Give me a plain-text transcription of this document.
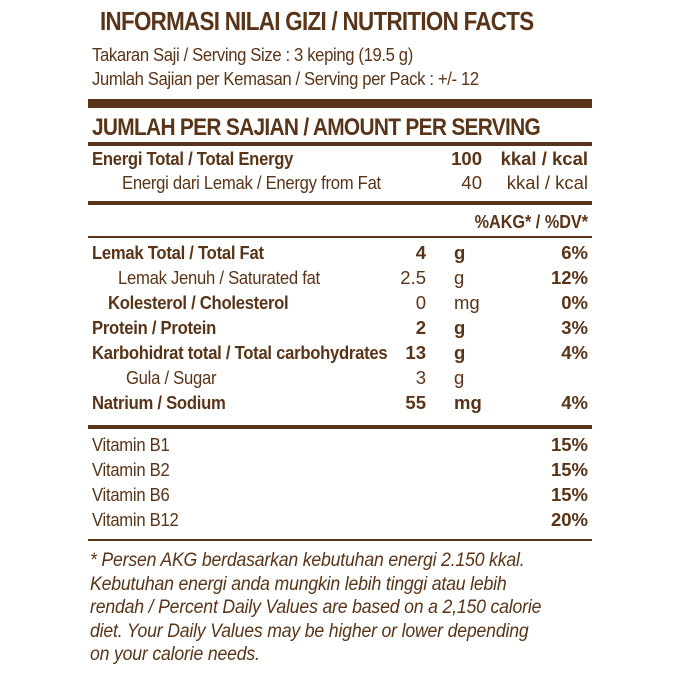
INFORMASI NILAI GIZI / NUTRITION FACTS
Takaran Saji / Serving Size : 3 keping (19.5 g)
Jumlah Sajian per Kemasan / Serving per Pack : +/- 12
JUMLAH PER SAJIAN / AMOUNT PER SERVING
Energi Total / Total Energy	100 kkal / kcal
Energi dari Lemak / Energy from Fat	40 kkal / kcal
%AKG* / %DV*
Lemak Total / Total Fat	4 g	6%
Lemak Jenuh / Saturated fat	2.5 g	12%
Kolesterol / Cholesterol	0 mg	0%
Protein / Protein	2 g	3%
Karbohidrat total / Total carbohydrates 13 g	4%
Gula / Sugar	3 g
Natrium / Sodium	55 mg	4%
Vitamin B1	15%
Vitamin B2	15%
Vitamin B6	15%
Vitamin B12	20%
* Persen AKG berdasarkan kebutuhan energi 2.150 kkal.
Kebutuhan energi anda mungkin lebih tinggi atau lebih
rendah / Percent Daily Values are based on a 2,150 calorie
diet. Your Daily Values may be higher or lower depending
on your calorie needs.
